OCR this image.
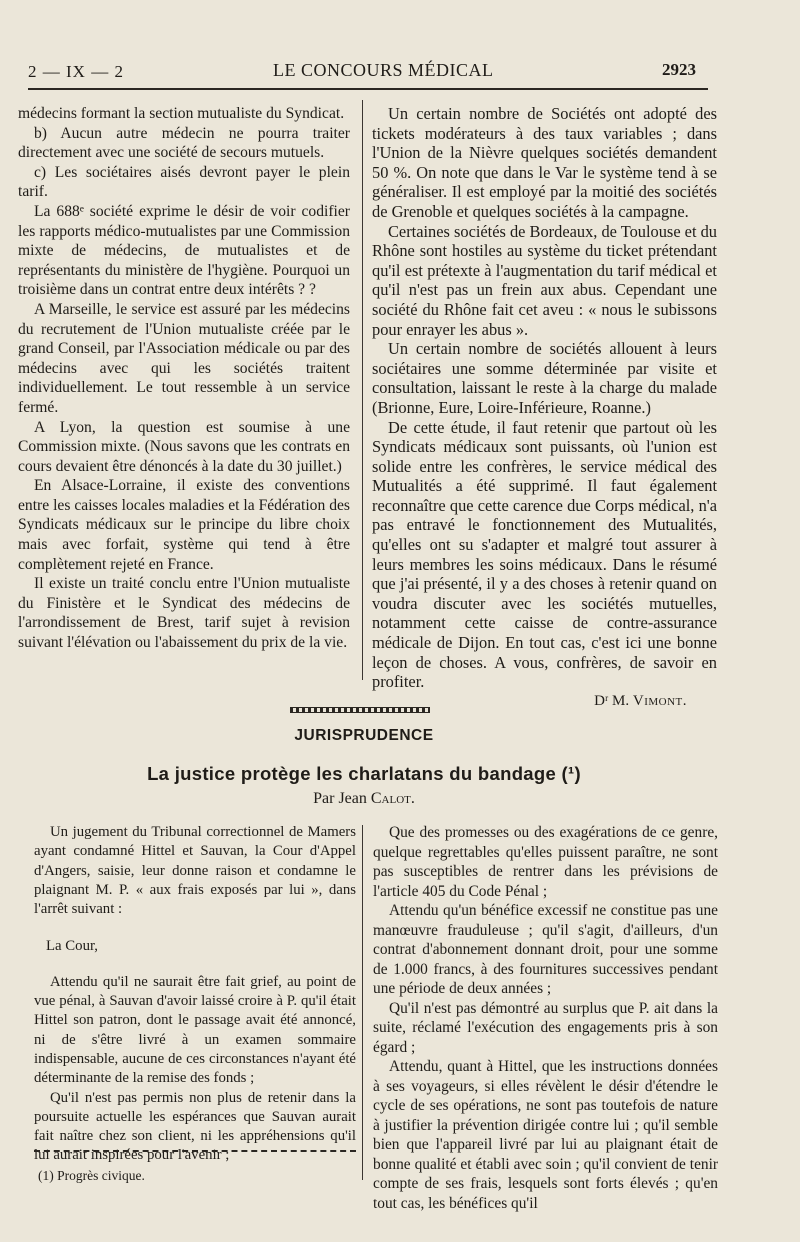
2 — IX — 2	LE CONCOURS MÉDICAL	2923

médecins formant la section mutualiste du Syndicat.

b) Aucun autre médecin ne pourra traiter directement avec une société de secours mutuels.

c) Les sociétaires aisés devront payer le plein tarif.

La 688ᵉ société exprime le désir de voir codifier les rapports médico-mutualistes par une Commission mixte de médecins, de mutualistes et de représentants du ministère de l'hygiène. Pourquoi un troisième dans un contrat entre deux intérêts ? ?

A Marseille, le service est assuré par les médecins du recrutement de l'Union mutualiste créée par le grand Conseil, par l'Association médicale ou par des médecins avec qui les sociétés traitent individuellement. Le tout ressemble à un service fermé.

A Lyon, la question est soumise à une Commission mixte. (Nous savons que les contrats en cours devaient être dénoncés à la date du 30 juillet.)

En Alsace-Lorraine, il existe des conventions entre les caisses locales maladies et la Fédération des Syndicats médicaux sur le principe du libre choix mais avec forfait, système qui tend à être complètement rejeté en France.

Il existe un traité conclu entre l'Union mutualiste du Finistère et le Syndicat des médecins de l'arrondissement de Brest, tarif sujet à revision suivant l'élévation ou l'abaissement du prix de la vie.

Un certain nombre de Sociétés ont adopté des tickets modérateurs à des taux variables ; dans l'Union de la Nièvre quelques sociétés demandent 50 %. On note que dans le Var le système tend à se généraliser. Il est employé par la moitié des sociétés de Grenoble et quelques sociétés à la campagne.

Certaines sociétés de Bordeaux, de Toulouse et du Rhône sont hostiles au système du ticket prétendant qu'il est prétexte à l'augmentation du tarif médical et qu'il n'est pas un frein aux abus. Cependant une société du Rhône fait cet aveu : « nous le subissons pour enrayer les abus ».

Un certain nombre de sociétés allouent à leurs sociétaires une somme déterminée par visite et consultation, laissant le reste à la charge du malade (Brionne, Eure, Loire-Inférieure, Roanne.)

De cette étude, il faut retenir que partout où les Syndicats médicaux sont puissants, où l'union est solide entre les confrères, le service médical des Mutualités a été supprimé. Il faut également reconnaître que cette carence due Corps médical, n'a pas entravé le fonctionnement des Mutualités, qu'elles ont su s'adapter et malgré tout assurer à leurs membres les soins médicaux. Dans le résumé que j'ai présenté, il y a des choses à retenir quand on voudra discuter avec les sociétés mutuelles, notamment cette caisse de contre-assurance médicale de Dijon. En tout cas, c'est ici une bonne leçon de choses. A vous, confrères, de savoir en profiter.

Dʳ M. Vimont.

JURISPRUDENCE
La justice protège les charlatans du bandage (¹)
Par Jean Calot.

Un jugement du Tribunal correctionnel de Mamers ayant condamné Hittel et Sauvan, la Cour d'Appel d'Angers, saisie, leur donne raison et condamne le plaignant M. P. « aux frais exposés par lui », dans l'arrêt suivant :

La Cour,

Attendu qu'il ne saurait être fait grief, au point de vue pénal, à Sauvan d'avoir laissé croire à P. qu'il était Hittel son patron, dont le passage avait été annoncé, ni de s'être livré à un examen sommaire indispensable, aucune de ces circonstances n'ayant été déterminante de la remise des fonds ;

Qu'il n'est pas permis non plus de retenir dans la poursuite actuelle les espérances que Sauvan aurait fait naître chez son client, ni les appréhensions qu'il lui aurait inspirées pour l'avenir ;

Que des promesses ou des exagérations de ce genre, quelque regrettables qu'elles puissent paraître, ne sont pas susceptibles de rentrer dans les prévisions de l'article 405 du Code Pénal ;

Attendu qu'un bénéfice excessif ne constitue pas une manœuvre frauduleuse ; qu'il s'agit, d'ailleurs, d'un contrat d'abonnement donnant droit, pour une somme de 1.000 francs, à des fournitures successives pendant une période de deux années ;

Qu'il n'est pas démontré au surplus que P. ait dans la suite, réclamé l'exécution des engagements pris à son égard ;

Attendu, quant à Hittel, que les instructions données à ses voyageurs, si elles révèlent le désir d'étendre le cycle de ses opérations, ne sont pas toutefois de nature à justifier la prévention dirigée contre lui ; qu'il semble bien que l'appareil livré par lui au plaignant était de bonne qualité et établi avec soin ; qu'il convient de tenir compte de ses frais, lesquels sont forts élevés ; qu'en tout cas, les bénéfices qu'il

(1) Progrès civique.
